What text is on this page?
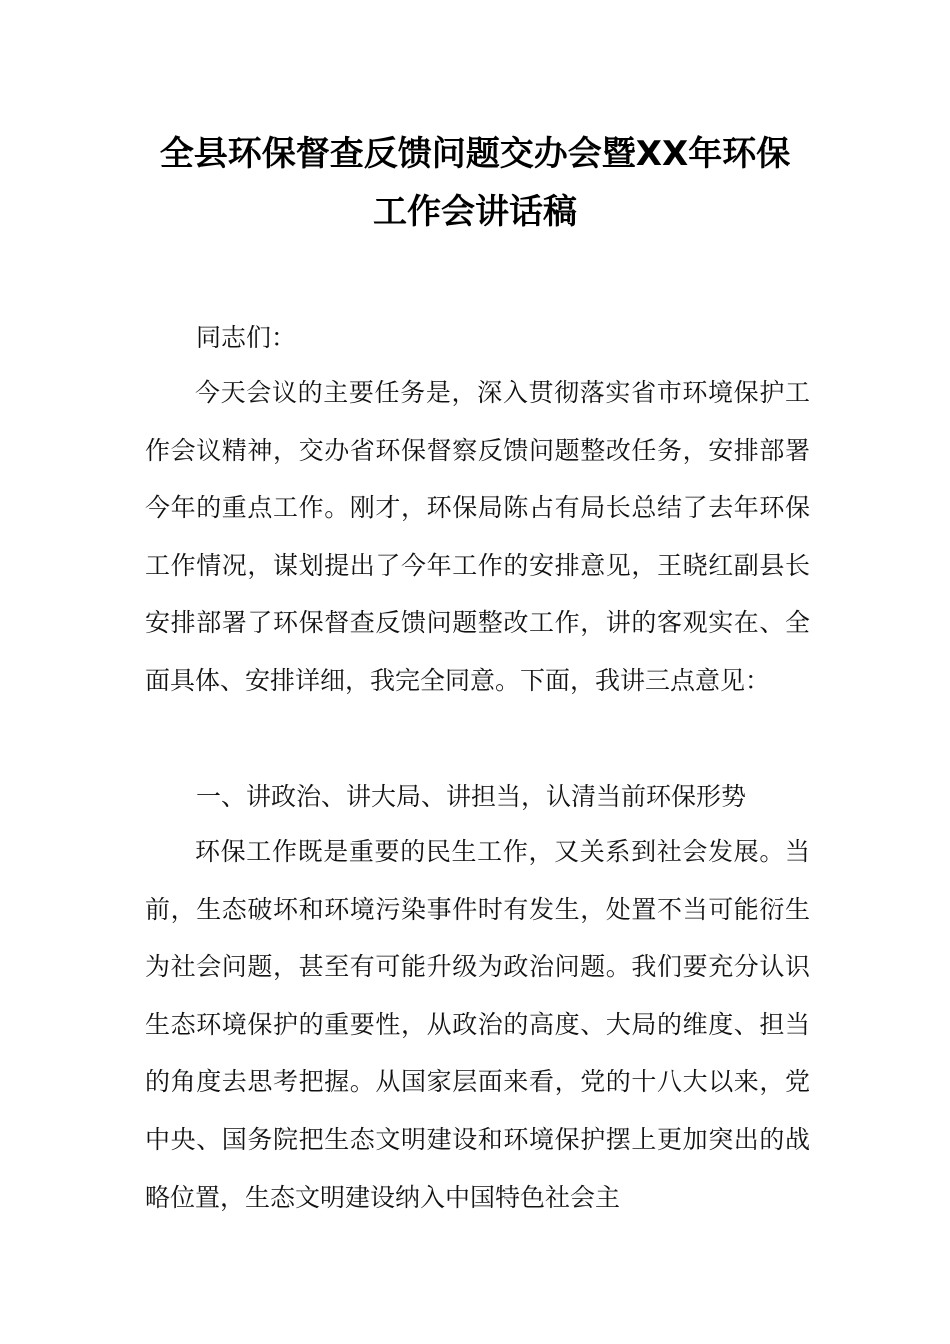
全县环保督查反馈问题交办会暨XX年环保
工作会讲话稿
同志们：

今天会议的主要任务是，深入贯彻落实省市环境保护工作会议精神，交办省环保督察反馈问题整改任务，安排部署今年的重点工作。刚才，环保局陈占有局长总结了去年环保工作情况，谋划提出了今年工作的安排意见，王晓红副县长安排部署了环保督查反馈问题整改工作，讲的客观实在、全面具体、安排详细，我完全同意。下面，我讲三点意见：

一、讲政治、讲大局、讲担当，认清当前环保形势

环保工作既是重要的民生工作，又关系到社会发展。当前，生态破坏和环境污染事件时有发生，处置不当可能衍生为社会问题，甚至有可能升级为政治问题。我们要充分认识生态环境保护的重要性，从政治的高度、大局的维度、担当的角度去思考把握。从国家层面来看，党的十八大以来，党中央、国务院把生态文明建设和环境保护摆上更加突出的战略位置，生态文明建设纳入中国特色社会主
